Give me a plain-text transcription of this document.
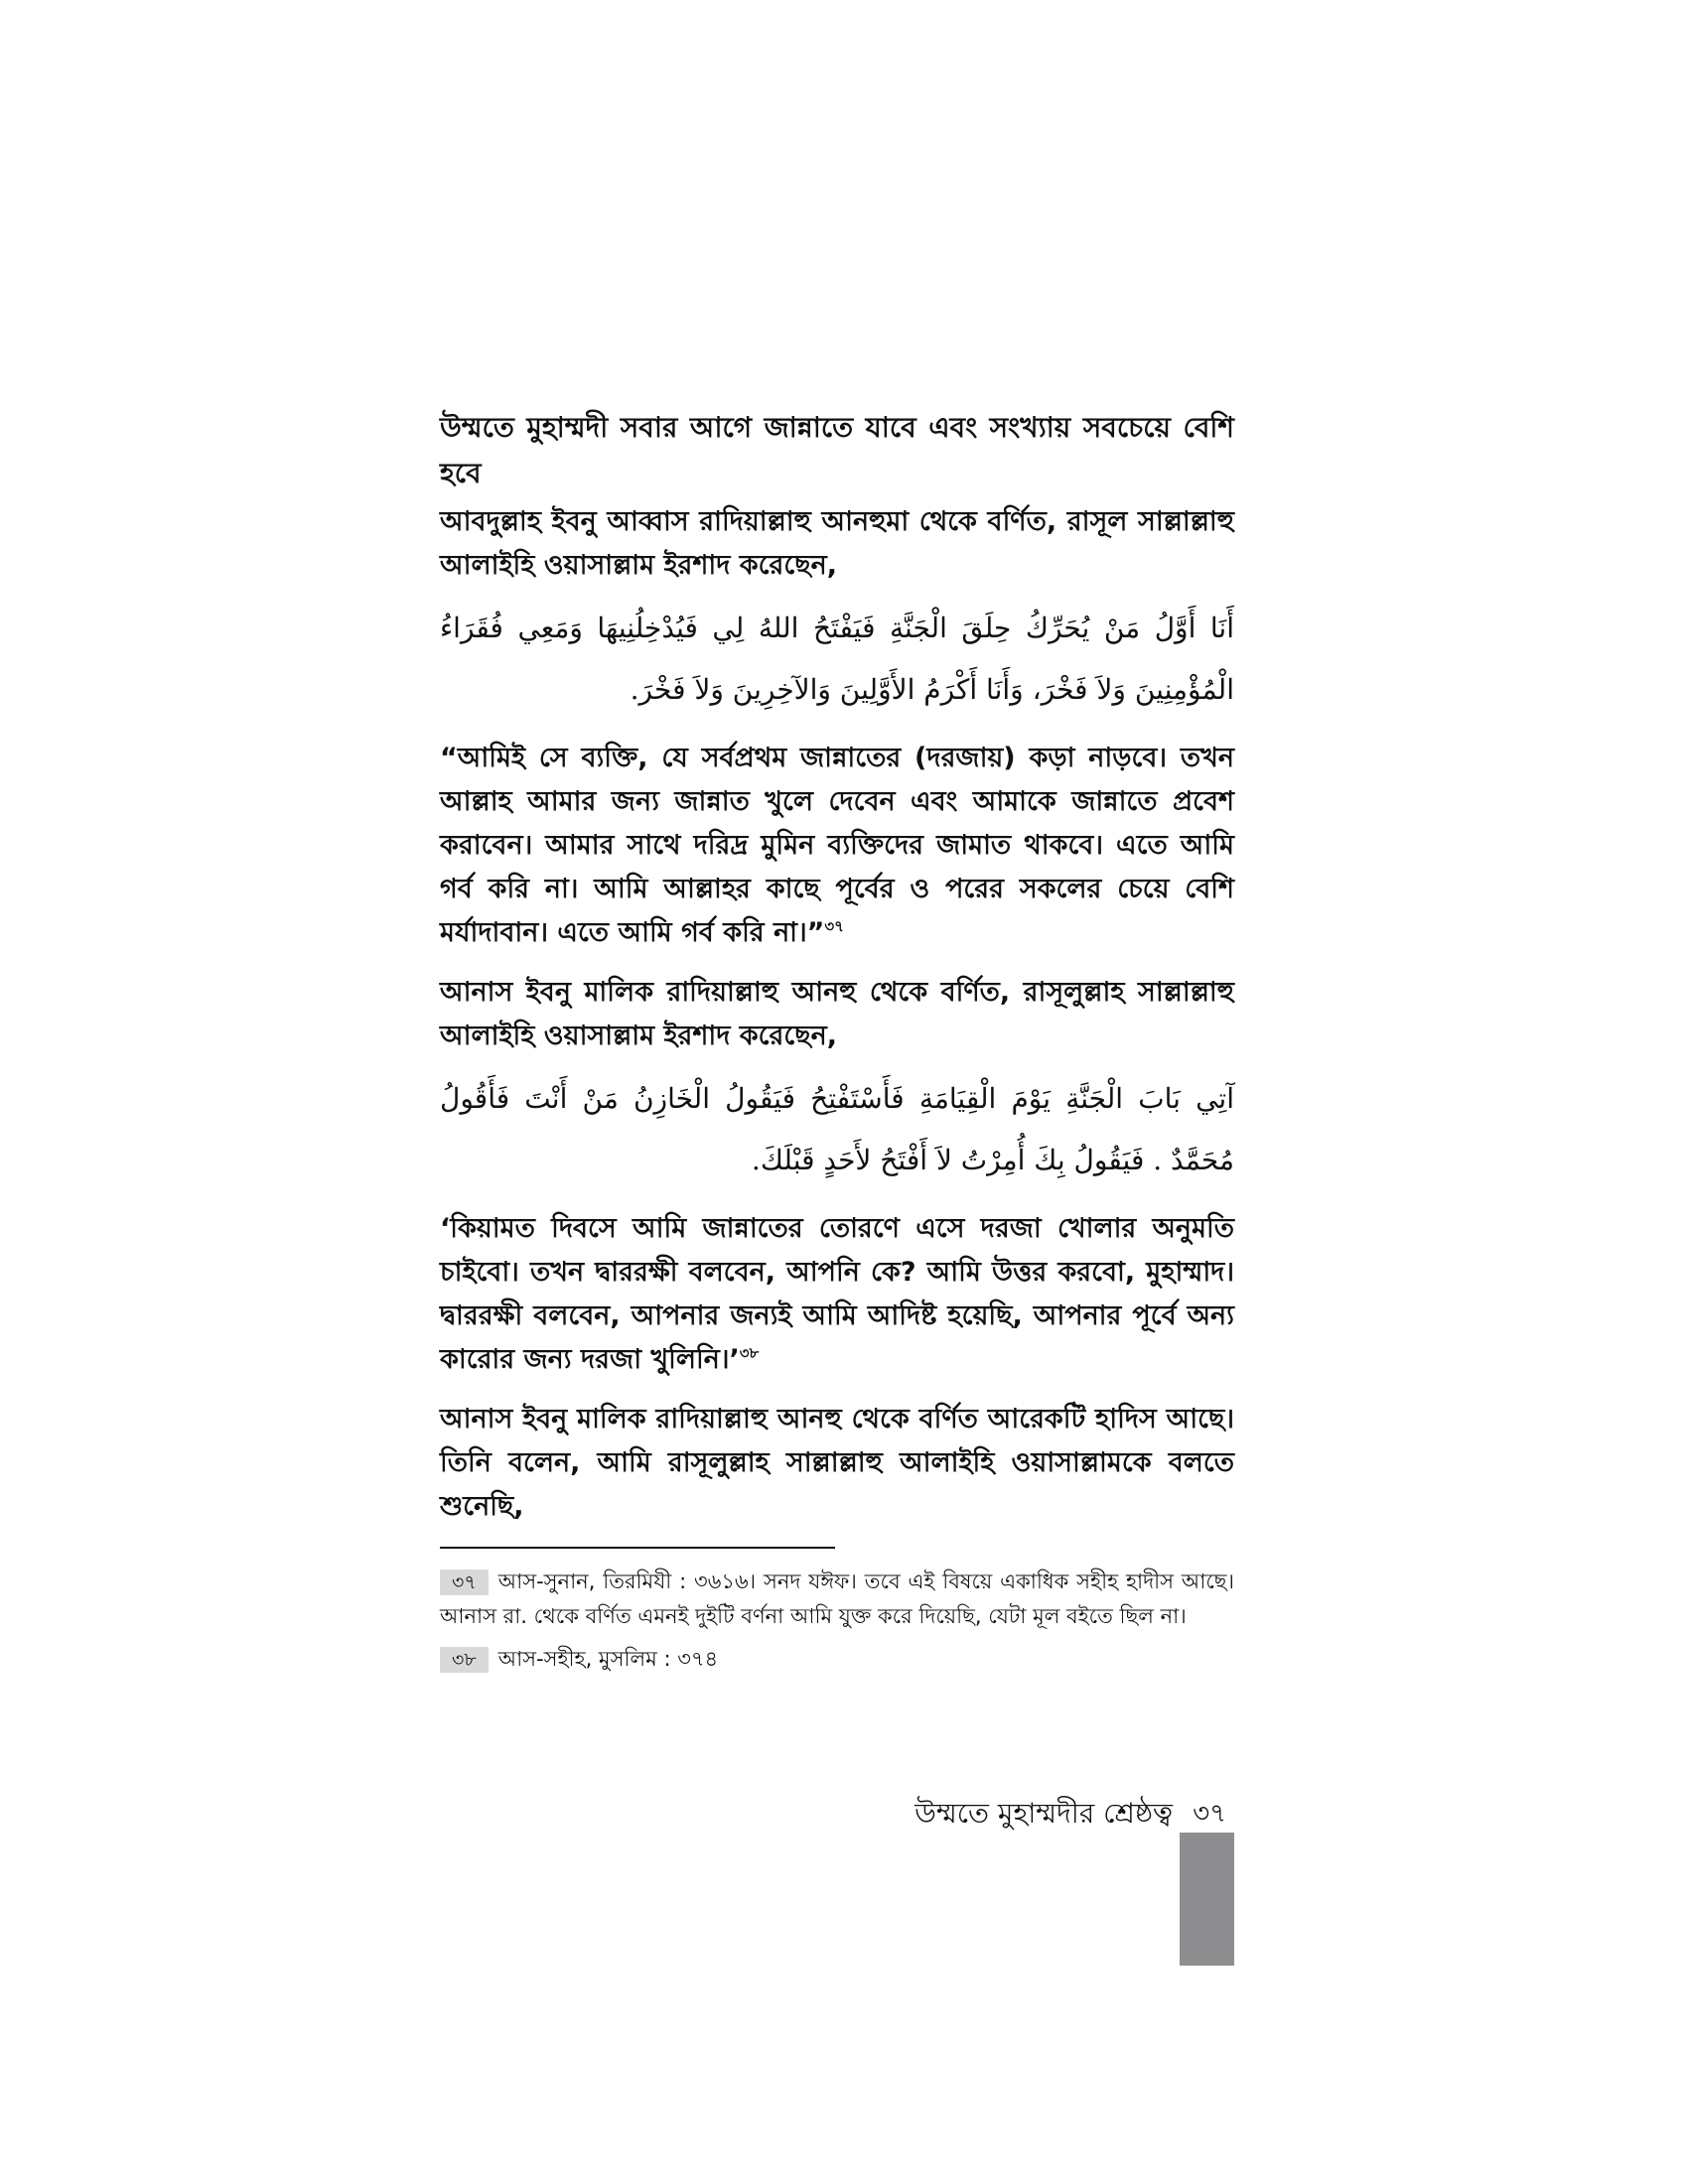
উম্মতে মুহাম্মদী সবার আগে জান্নাতে যাবে এবং সংখ্যায় সবচেয়ে বেশি হবে

আবদুল্লাহ ইবনু আব্বাস রাদিয়াল্লাহু আনহুমা থেকে বর্ণিত, রাসূল সাল্লাল্লাহু আলাইহি ওয়াসাল্লাম ইরশাদ করেছেন,

أَنَا أَوَّلُ مَنْ يُحَرِّكُ حِلَقَ الْجَنَّةِ فَيَفْتَحُ اللهُ لِي فَيُدْخِلُنِيهَا وَمَعِي فُقَرَاءُ الْمُؤْمِنِينَ وَلاَ فَخْرَ، وَأَنَا أَكْرَمُ الأَوَّلِينَ وَالآخِرِينَ وَلاَ فَخْرَ.

“আমিই সে ব্যক্তি, যে সর্বপ্রথম জান্নাতের (দরজায়) কড়া নাড়বে। তখন আল্লাহ আমার জন্য জান্নাত খুলে দেবেন এবং আমাকে জান্নাতে প্রবেশ করাবেন। আমার সাথে দরিদ্র মুমিন ব্যক্তিদের জামাত থাকবে। এতে আমি গর্ব করি না। আমি আল্লাহর কাছে পূর্বের ও পরের সকলের চেয়ে বেশি মর্যাদাবান। এতে আমি গর্ব করি না।”$^{৩৭}$

আনাস ইবনু মালিক রাদিয়াল্লাহু আনহু থেকে বর্ণিত, রাসূলুল্লাহ সাল্লাল্লাহু আলাইহি ওয়াসাল্লাম ইরশাদ করেছেন,

آتِي بَابَ الْجَنَّةِ يَوْمَ الْقِيَامَةِ فَأَسْتَفْتِحُ فَيَقُولُ الْخَازِنُ مَنْ أَنْتَ فَأَقُولُ مُحَمَّدٌ . فَيَقُولُ بِكَ أُمِرْتُ لاَ أَفْتَحُ لأَحَدٍ قَبْلَكَ.

‘কিয়ামত দিবসে আমি জান্নাতের তোরণে এসে দরজা খোলার অনুমতি চাইবো। তখন দ্বাররক্ষী বলবেন, আপনি কে? আমি উত্তর করবো, মুহাম্মাদ। দ্বাররক্ষী বলবেন, আপনার জন্যই আমি আদিষ্ট হয়েছি, আপনার পূর্বে অন্য কারোর জন্য দরজা খুলিনি।’$^{৩৮}$

আনাস ইবনু মালিক রাদিয়াল্লাহু আনহু থেকে বর্ণিত আরেকটি হাদিস আছে। তিনি বলেন, আমি রাসূলুল্লাহ সাল্লাল্লাহু আলাইহি ওয়াসাল্লামকে বলতে শুনেছি,

৩৭ আস-সুনান, তিরমিযী : ৩৬১৬। সনদ যঈফ। তবে এই বিষয়ে একাধিক সহীহ হাদীস আছে। আনাস রা. থেকে বর্ণিত এমনই দুইটি বর্ণনা আমি যুক্ত করে দিয়েছি, যেটা মূল বইতে ছিল না।

৩৮ আস-সহীহ, মুসলিম : ৩৭৪

উম্মতে মুহাম্মদীর শ্রেষ্ঠত্ব ৩৭
